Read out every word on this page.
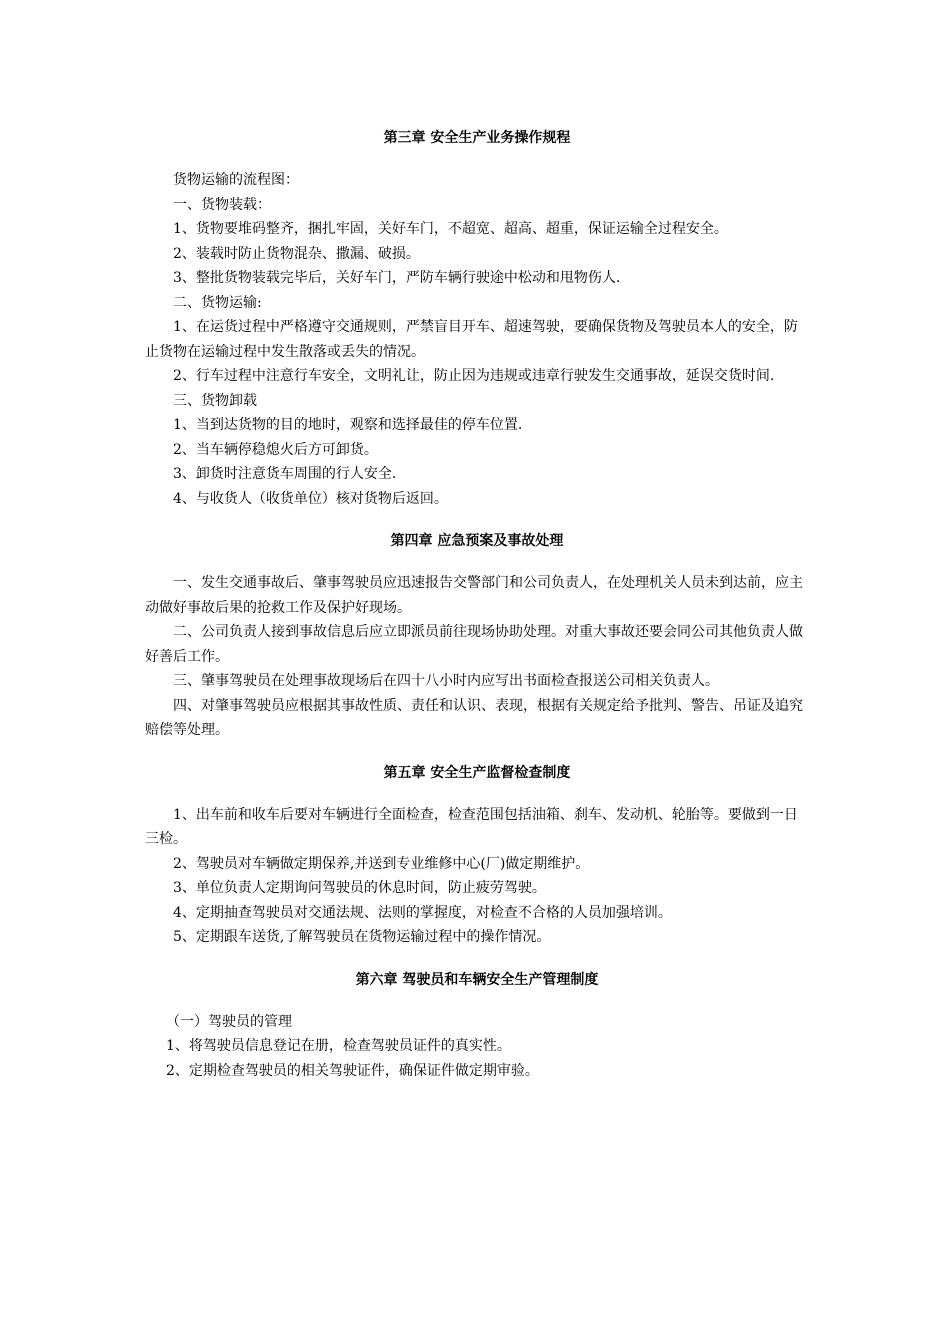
第三章 安全生产业务操作规程

货物运输的流程图：

一、货物装载：

1、货物要堆码整齐，捆扎牢固，关好车门，不超宽、超高、超重，保证运输全过程安全。

2、装载时防止货物混杂、撒漏、破损。

3、整批货物装载完毕后，关好车门，严防车辆行驶途中松动和甩物伤人.

二、货物运输:

1、在运货过程中严格遵守交通规则，严禁盲目开车、超速驾驶，要确保货物及驾驶员本人的安全，防止货物在运输过程中发生散落或丢失的情况。

2、行车过程中注意行车安全，文明礼让，防止因为违规或违章行驶发生交通事故，延误交货时间.

三、货物卸载

1、当到达货物的目的地时，观察和选择最佳的停车位置.

2、当车辆停稳熄火后方可卸货。

3、卸货时注意货车周围的行人安全.

4、与收货人（收货单位）核对货物后返回。

第四章 应急预案及事故处理

一、发生交通事故后、肇事驾驶员应迅速报告交警部门和公司负责人，在处理机关人员未到达前，应主动做好事故后果的抢救工作及保护好现场。

二、公司负责人接到事故信息后应立即派员前往现场协助处理。对重大事故还要会同公司其他负责人做好善后工作。

三、肇事驾驶员在处理事故现场后在四十八小时内应写出书面检查报送公司相关负责人。

四、对肇事驾驶员应根据其事故性质、责任和认识、表现，根据有关规定给予批判、警告、吊证及追究赔偿等处理。

第五章 安全生产监督检查制度

1、出车前和收车后要对车辆进行全面检查，检查范围包括油箱、刹车、发动机、轮胎等。要做到一日三检。

2、驾驶员对车辆做定期保养,并送到专业维修中心(厂)做定期维护。

3、单位负责人定期询问驾驶员的休息时间，防止疲劳驾驶。

4、定期抽查驾驶员对交通法规、法则的掌握度，对检查不合格的人员加强培训。

5、定期跟车送货,了解驾驶员在货物运输过程中的操作情况。

第六章 驾驶员和车辆安全生产管理制度

（一）驾驶员的管理

1、将驾驶员信息登记在册，检查驾驶员证件的真实性。

2、定期检查驾驶员的相关驾驶证件，确保证件做定期审验。
